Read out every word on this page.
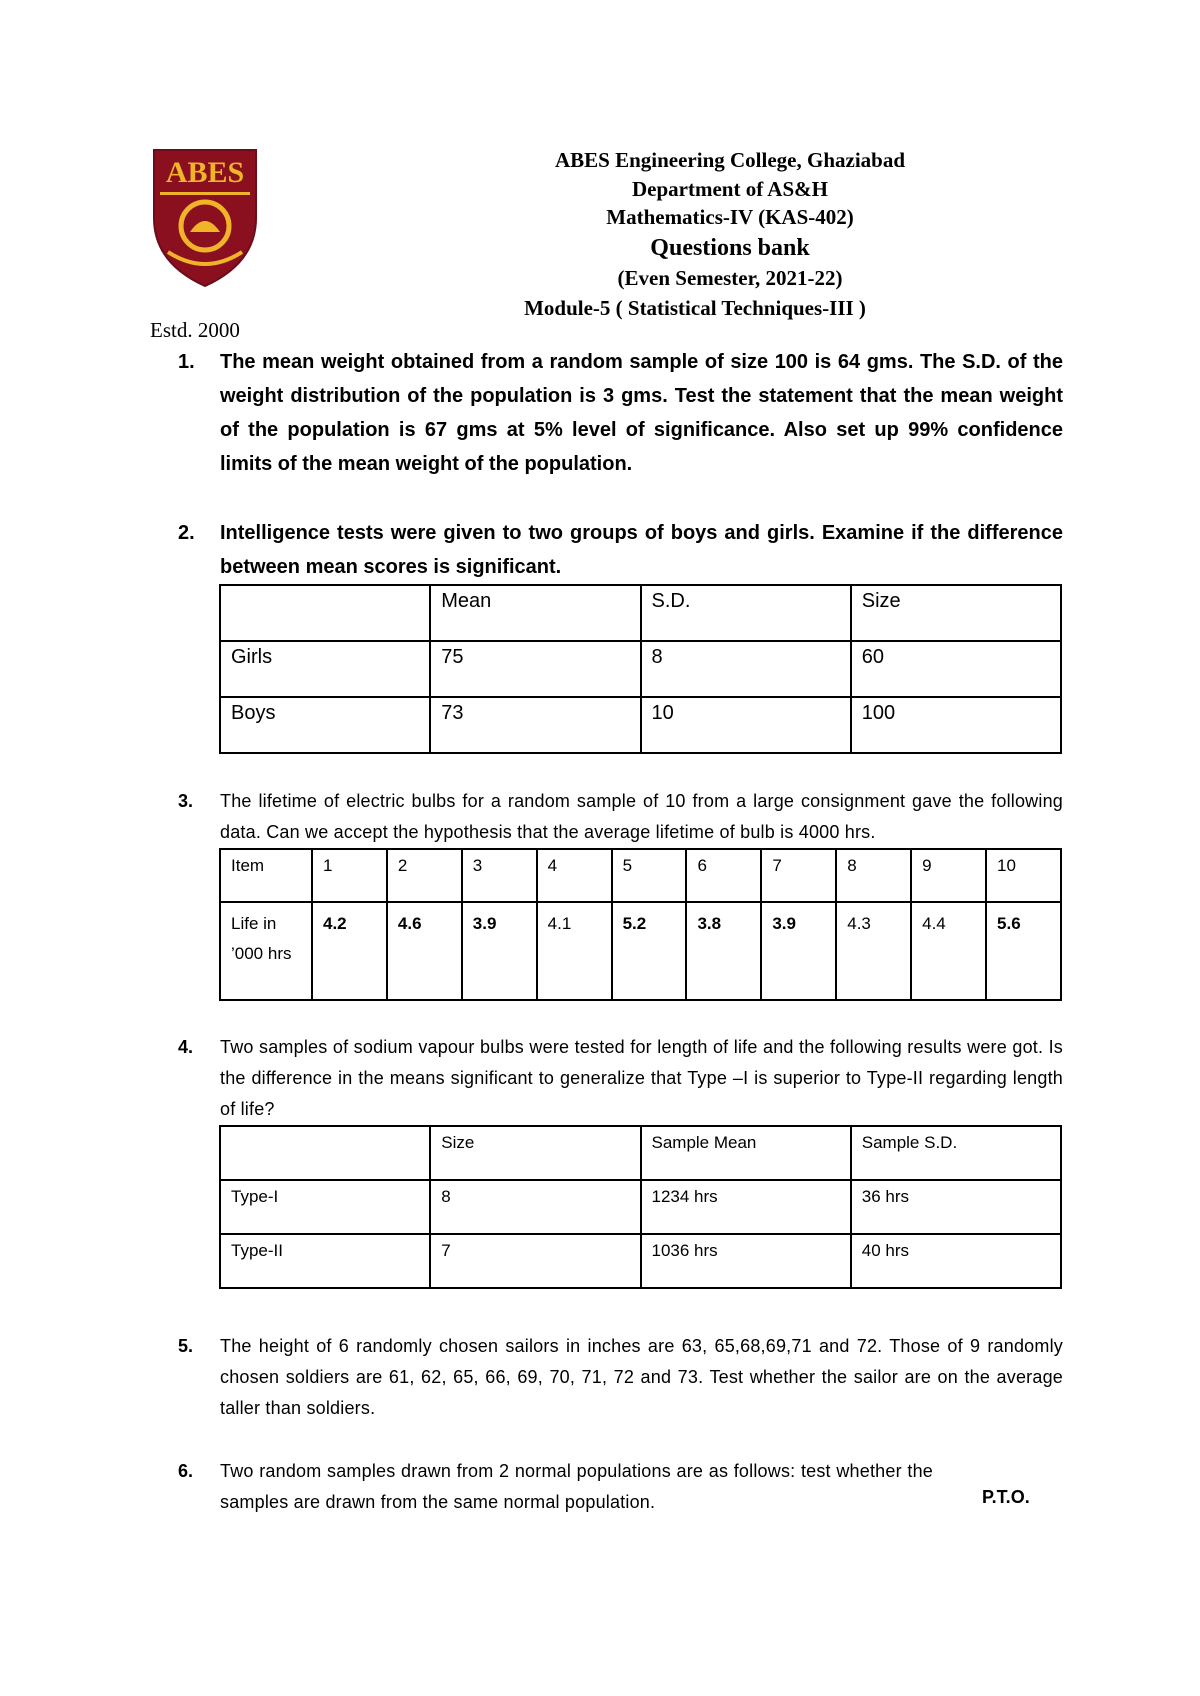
ABES
Estd. 2000
ABES Engineering College, Ghaziabad
Department of AS&H
Mathematics-IV (KAS-402)
Questions bank
(Even Semester, 2021-22)
Module-5 ( Statistical Techniques-III )
1. The mean weight obtained from a random sample of size 100 is 64 gms. The S.D. of the weight distribution of the population is 3 gms. Test the statement that the mean weight of the population is 67 gms at 5% level of significance. Also set up 99% confidence limits of the mean weight of the population.
2. Intelligence tests were given to two groups of boys and girls. Examine if the difference between mean scores is significant.
	Mean	S.D.	Size
Girls	75	8	60
Boys	73	10	100
3. The lifetime of electric bulbs for a random sample of 10 from a large consignment gave the following data. Can we accept the hypothesis that the average lifetime of bulb is 4000 hrs.
Item	1	2	3	4	5	6	7	8	9	10
Life in ’000 hrs	4.2	4.6	3.9	4.1	5.2	3.8	3.9	4.3	4.4	5.6
4. Two samples of sodium vapour bulbs were tested for length of life and the following results were got. Is the difference in the means significant to generalize that Type –I is superior to Type-II regarding length of life?
	Size	Sample Mean	Sample S.D.
Type-I	8	1234 hrs	36 hrs
Type-II	7	1036 hrs	40 hrs
5. The height of 6 randomly chosen sailors in inches are 63, 65,68,69,71 and 72. Those of 9 randomly chosen soldiers are 61, 62, 65, 66, 69, 70, 71, 72 and 73. Test whether the sailor are on the average taller than soldiers.
6. Two random samples drawn from 2 normal populations are as follows: test whether the samples are drawn from the same normal population.	P.T.O.
